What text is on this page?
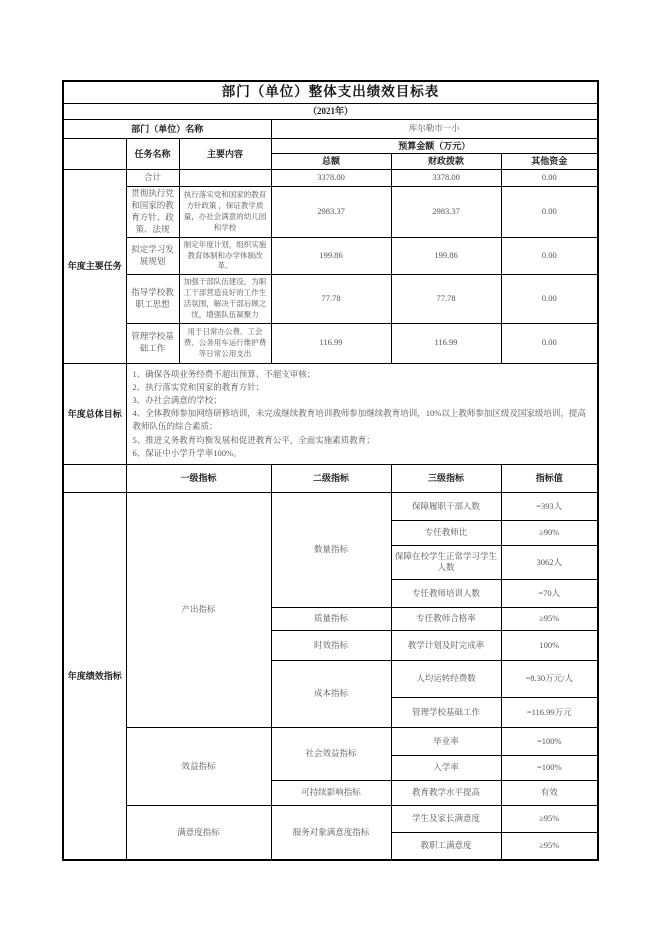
部门（单位）整体支出绩效目标表					
（2021年）					
部门（单位）名称			库尔勒市一小		
	任务名称	主要内容	预算金额（万元）		
			总额	财政拨款	其他资金
年度主要任务	合计		3378.00	3378.00	0.00
	贯彻执行党和国家的教育方针、政策、法规	执行落实党和国家的教育方针政策 ，保证教学质量，办社会满意的幼儿园和学校	2983.37	2983.37	0.00
	拟定学习发展规划	制定年度计划，组织实施教育体制和办学体制改革。	199.86	199.86	0.00
	指导学校教职工思想	加强干部队伍建设，为职工干部营造良好的工作生活氛围，解决干部后顾之忧，增强队伍凝聚力	77.78	77.78	0.00
	管理学校基础工作	用于日常办公费、工会费、公务用车运行维护费等日常公用支出	116.99	116.99	0.00
年度总体目标	
1、确保各项业务经费不超出预算、不超支审核；
2、执行落实党和国家的教育方针；
3、办社会满意的学校；
4、全体教师参加网络研修培训，未完成继续教育培训教师参加继续教育培训，10%以上教师参加区级及国家级培训，提高教师队伍的综合素质；
5、推进义务教育均衡发展和促进教育公平，全面实施素质教育；
6、保证中小学升学率100%。

	一级指标		二级指标	三级指标	指标值
年度绩效指标	产出指标		数量指标	保障履职干部人数	=393人
				专任教师比	≥90%
				保障在校学生正常学习学生人数	3062人
				专任教师培训人数	=70人
			质量指标	专任教师合格率	≥95%
			时效指标	教学计划及时完成率	100%
			成本指标	人均运转经费数	=8.30万元/人
				管理学校基础工作	=116.99万元
	效益指标		社会效益指标	毕业率	=100%
				入学率	=100%
			可持续影响指标	教育教学水平提高	有效
	满意度指标		服务对象满意度指标	学生及家长满意度	≥95%
				教职工满意度	≥95%
